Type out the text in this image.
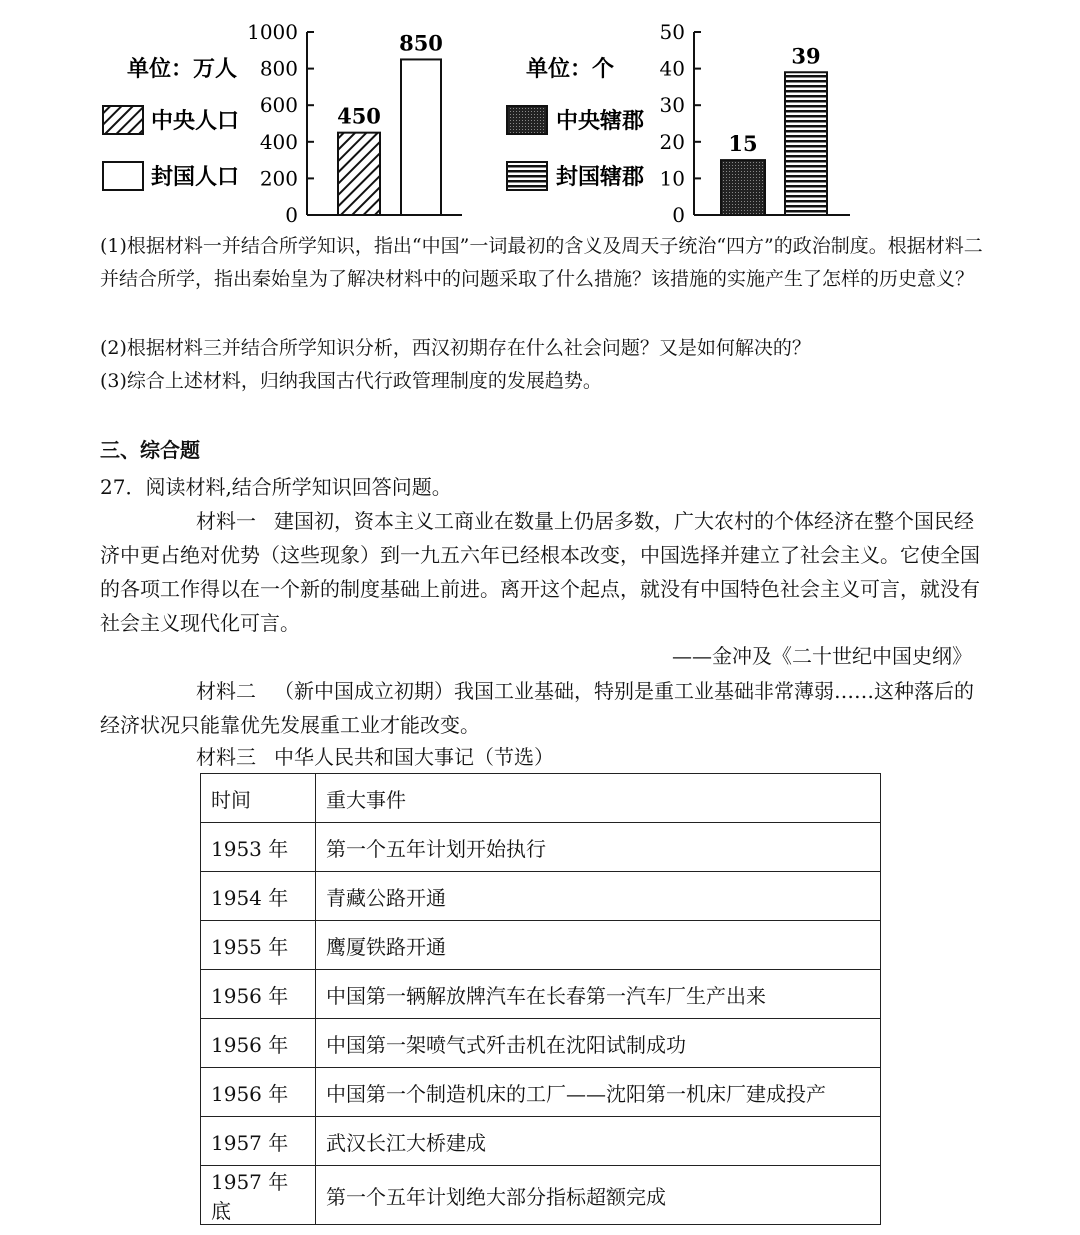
单位：万人
中央人口
封国人口
1000
800
600
400
200
0
450
850
单位：个
中央辖郡
封国辖郡
50
40
30
20
10
0
15
39
(1)根据材料一并结合所学知识，指出“中国”一词最初的含义及周天子统治“四方”的政治制度。根据材料二并结合所学，指出秦始皇为了解决材料中的问题采取了什么措施？该措施的实施产生了怎样的历史意义？
(2)根据材料三并结合所学知识分析，西汉初期存在什么社会问题？又是如何解决的？
(3)综合上述材料，归纳我国古代行政管理制度的发展趋势。
三、综合题
27．阅读材料,结合所学知识回答问题。
材料一 建国初，资本主义工商业在数量上仍居多数，广大农村的个体经济在整个国民经济中更占绝对优势（这些现象）到一九五六年已经根本改变，中国选择并建立了社会主义。它使全国的各项工作得以在一个新的制度基础上前进。离开这个起点，就没有中国特色社会主义可言，就没有社会主义现代化可言。
——金冲及《二十世纪中国史纲》
材料二 （新中国成立初期）我国工业基础，特别是重工业基础非常薄弱……这种落后的经济状况只能靠优先发展重工业才能改变。
材料三 中华人民共和国大事记（节选）
时间	重大事件
1953 年	第一个五年计划开始执行
1954 年	青藏公路开通
1955 年	鹰厦铁路开通
1956 年	中国第一辆解放牌汽车在长春第一汽车厂生产出来
1956 年	中国第一架喷气式歼击机在沈阳试制成功
1956 年	中国第一个制造机床的工厂——沈阳第一机床厂建成投产
1957 年	武汉长江大桥建成
1957 年底	第一个五年计划绝大部分指标超额完成
